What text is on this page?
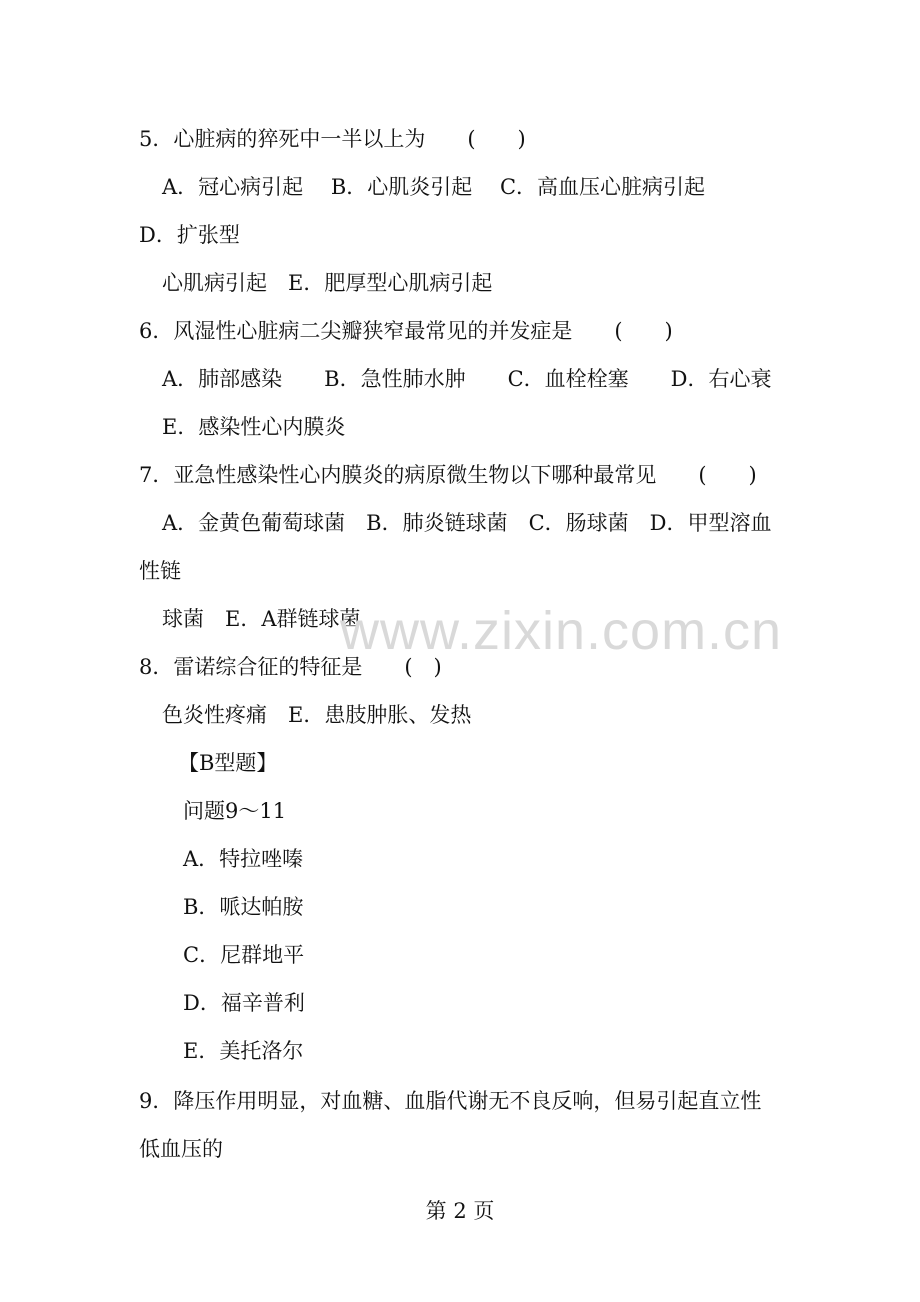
5．心脏病的猝死中一半以上为　　(　　)

A．冠心病引起　 B．心肌炎引起　 C．高血压心脏病引起

D．扩张型

心肌病引起　E．肥厚型心肌病引起

6．风湿性心脏病二尖瓣狭窄最常见的并发症是　　(　　)

A．肺部感染　　B．急性肺水肿　　C．血栓栓塞　　D．右心衰

E．感染性心内膜炎

7．亚急性感染性心内膜炎的病原微生物以下哪种最常见　　(　　)

A．金黄色葡萄球菌　B．肺炎链球菌　C．肠球菌　D．甲型溶血

性链

球菌　E．A群链球菌

8．雷诺综合征的特征是　　(　)

色炎性疼痛　E．患肢肿胀、发热

【B型题】

问题9～11

A．特拉唑嗪

B．哌达帕胺

C．尼群地平

D．福辛普利

E．美托洛尔

9．降压作用明显，对血糖、血脂代谢无不良反响，但易引起直立性

低血压的

www.zixin.com.cn
第 2 页
